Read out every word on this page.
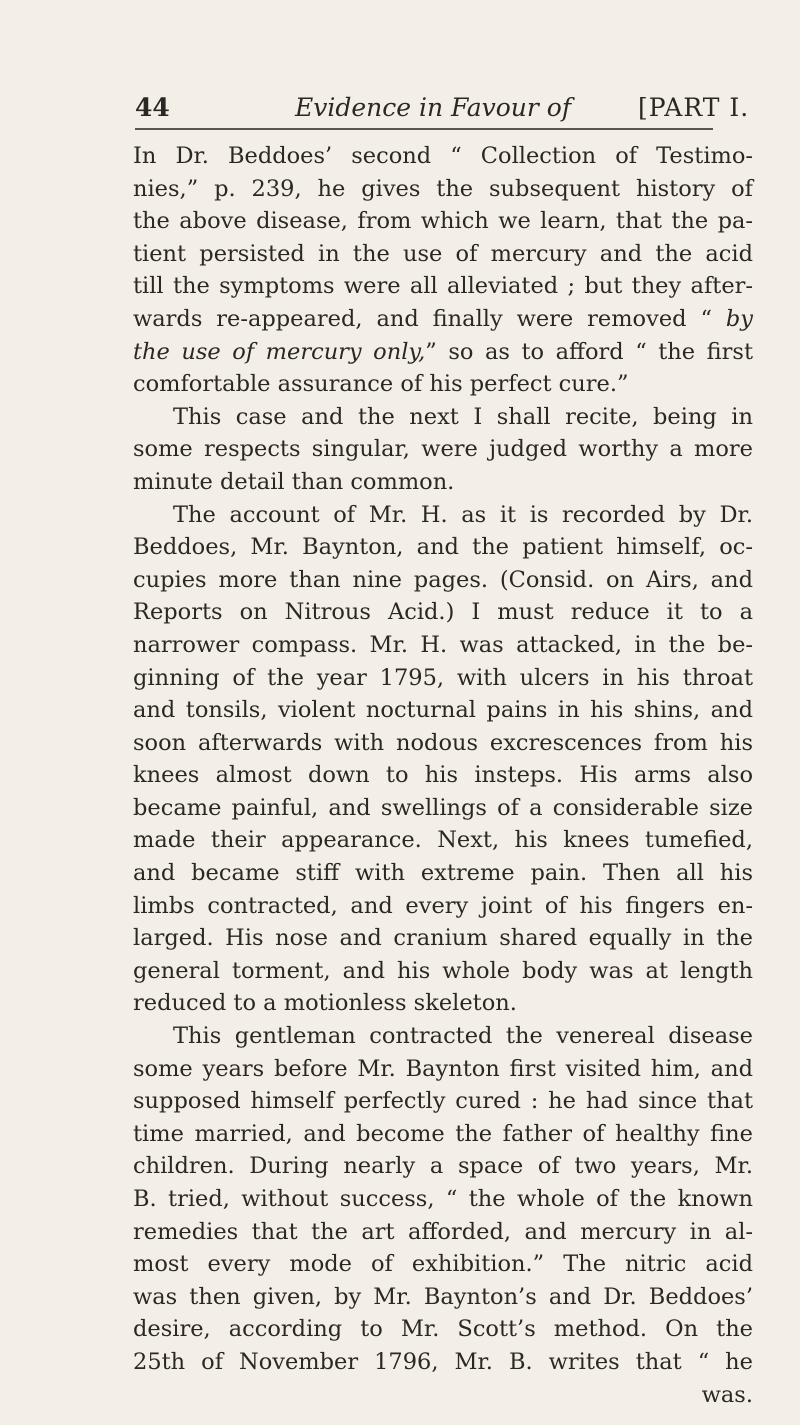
44	Evidence in Favour of	[PART I.
In Dr. Beddoes’ second “ Collection of Testimo-
nies,” p. 239, he gives the subsequent history of
the above disease, from which we learn, that the pa-
tient persisted in the use of mercury and the acid
till the symptoms were all alleviated ; but they after-
wards re-appeared, and finally were removed “ by
the use of mercury only,” so as to afford “ the first
comfortable assurance of his perfect cure.”
This case and the next I shall recite, being in
some respects singular, were judged worthy a more
minute detail than common.
The account of Mr. H. as it is recorded by Dr.
Beddoes, Mr. Baynton, and the patient himself, oc-
cupies more than nine pages. (Consid. on Airs, and
Reports on Nitrous Acid.) I must reduce it to a
narrower compass. Mr. H. was attacked, in the be-
ginning of the year 1795, with ulcers in his throat
and tonsils, violent nocturnal pains in his shins, and
soon afterwards with nodous excrescences from his
knees almost down to his insteps. His arms also
became painful, and swellings of a considerable size
made their appearance. Next, his knees tumefied,
and became stiff with extreme pain. Then all his
limbs contracted, and every joint of his fingers en-
larged. His nose and cranium shared equally in the
general torment, and his whole body was at length
reduced to a motionless skeleton.
This gentleman contracted the venereal disease
some years before Mr. Baynton first visited him, and
supposed himself perfectly cured : he had since that
time married, and become the father of healthy fine
children. During nearly a space of two years, Mr.
B. tried, without success, “ the whole of the known
remedies that the art afforded, and mercury in al-
most every mode of exhibition.” The nitric acid
was then given, by Mr. Baynton’s and Dr. Beddoes’
desire, according to Mr. Scott’s method. On the
25th of November 1796, Mr. B. writes that “ he
was.
